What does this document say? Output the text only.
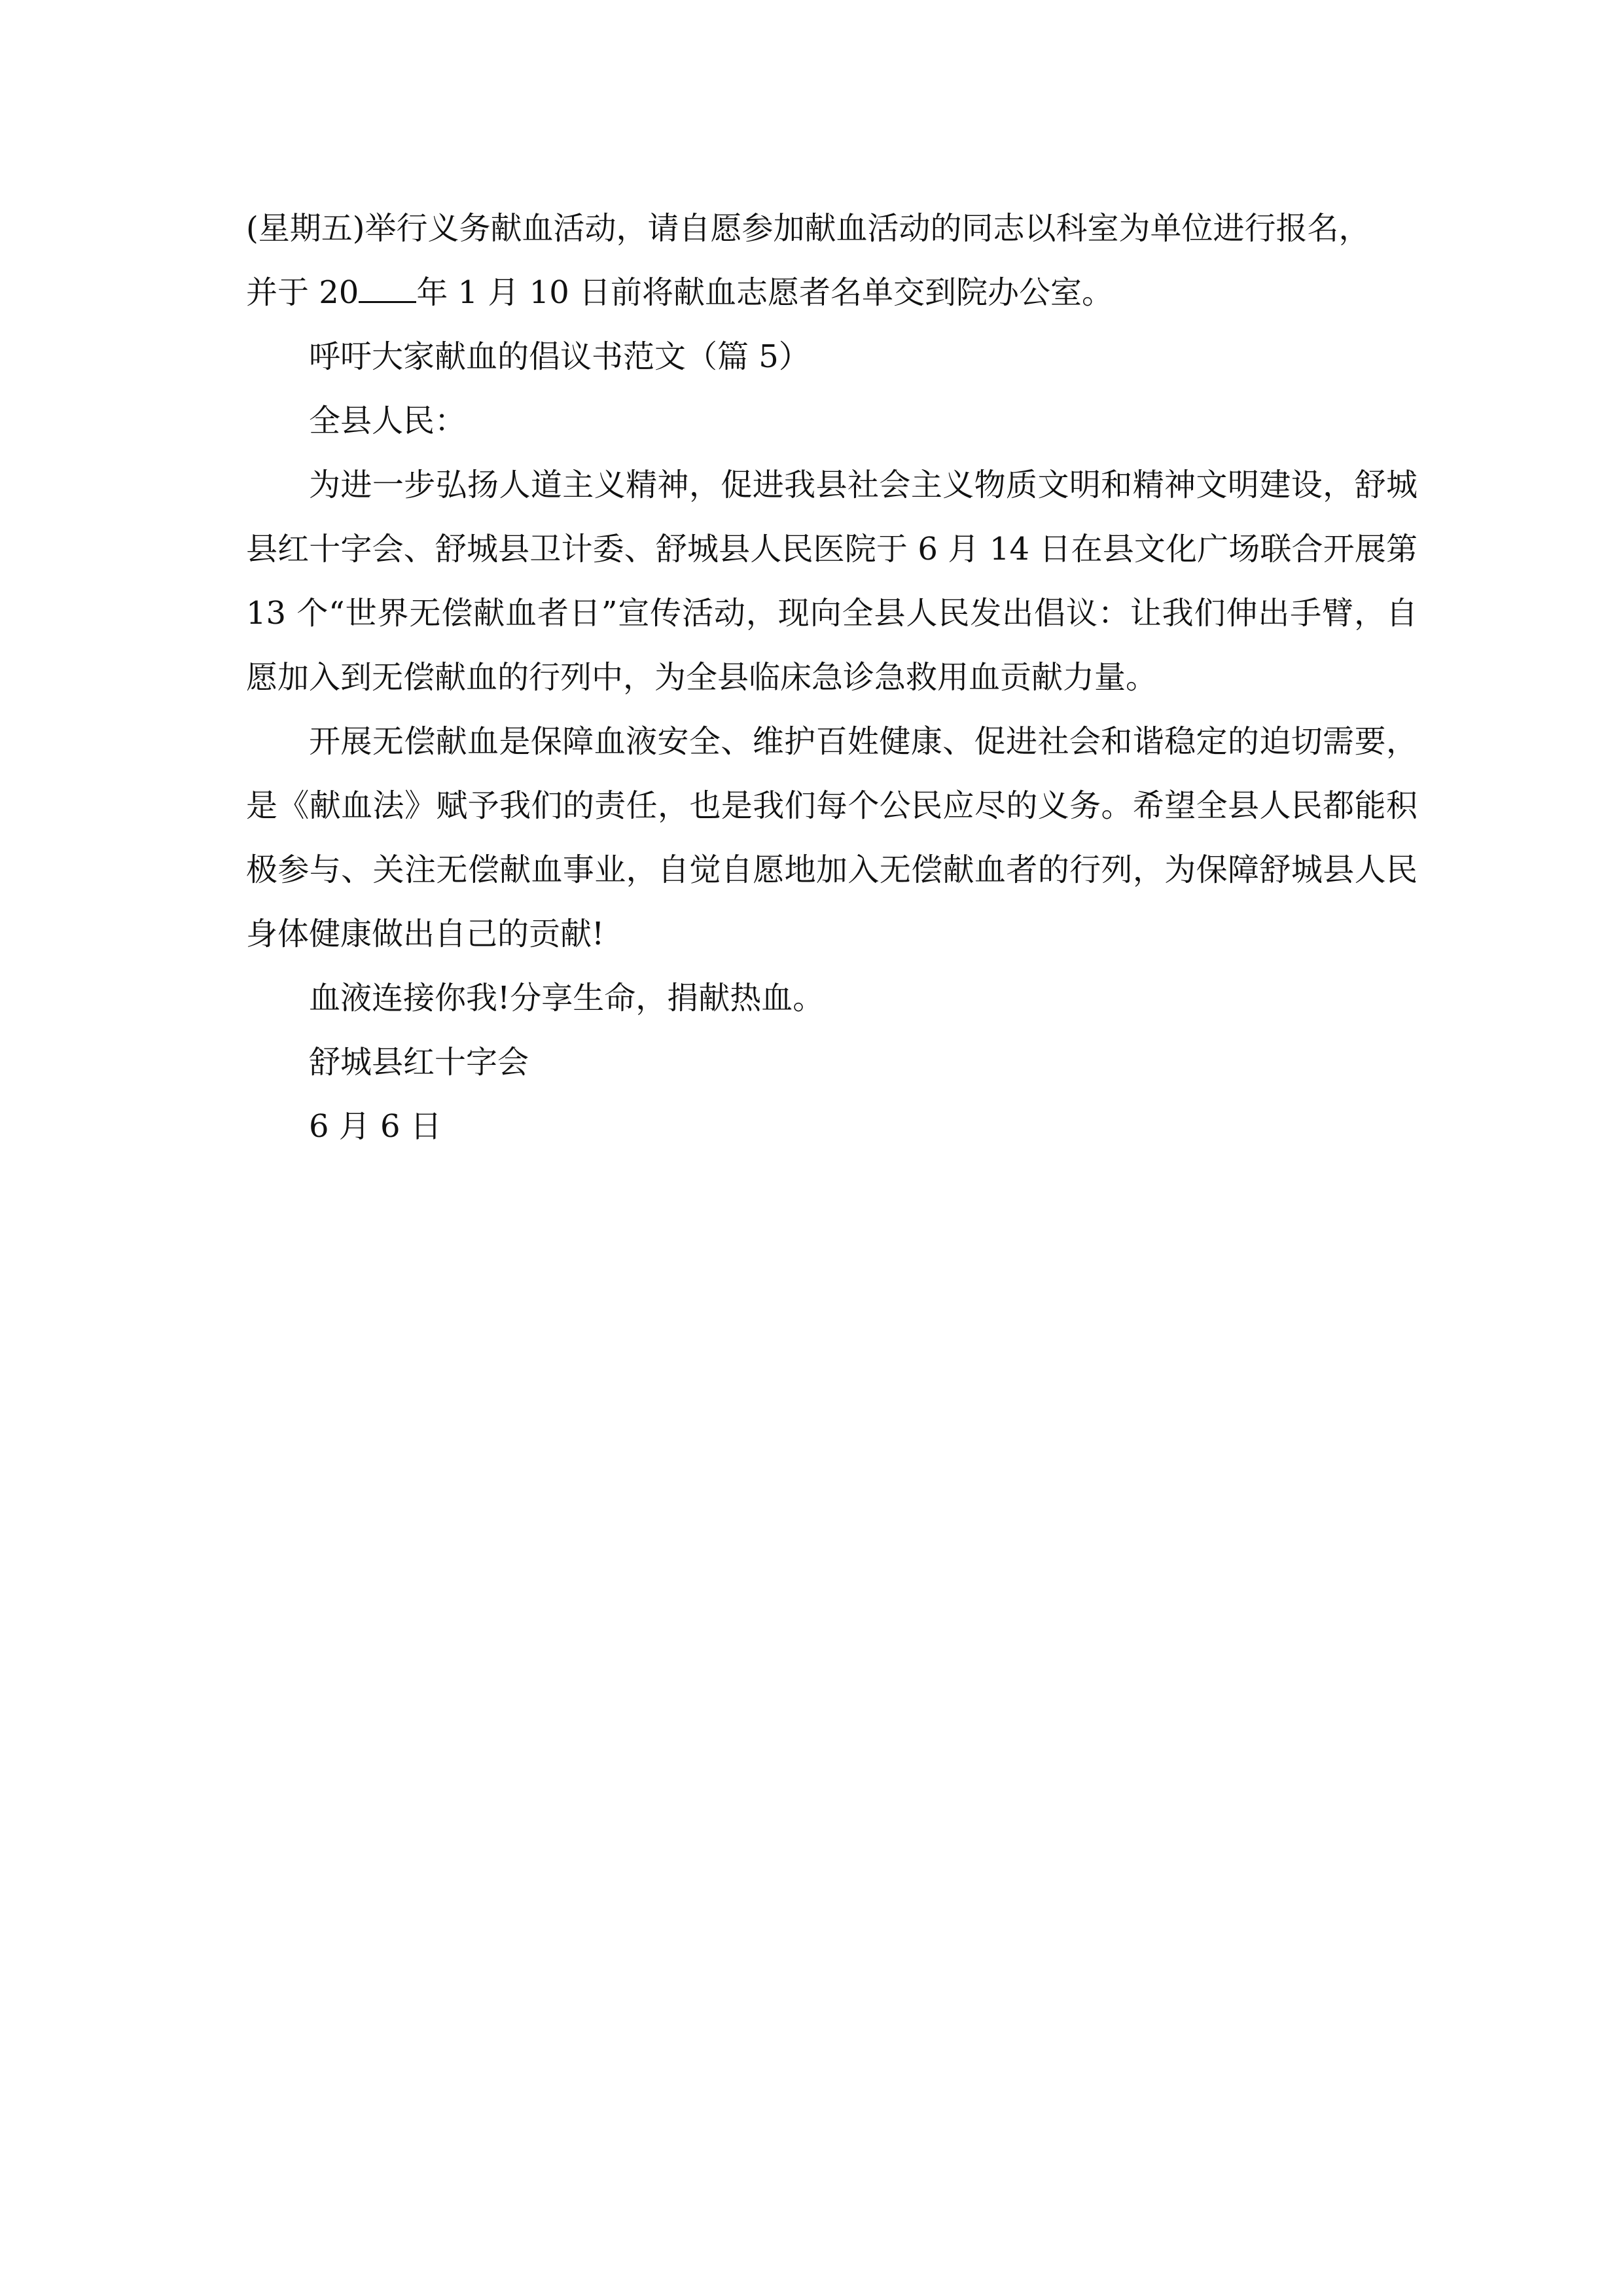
(星期五)举行义务献血活动，请自愿参加献血活动的同志以科室为单位进行报名，
并于 20 年 1 月 10 日前将献血志愿者名单交到院办公室。

呼吁大家献血的倡议书范文（篇 5）

全县人民：

为进一步弘扬人道主义精神，促进我县社会主义物质文明和精神文明建设，舒城县红十字会、舒城县卫计委、舒城县人民医院于 6 月 14 日在县文化广场联合开展第 13 个“世界无偿献血者日”宣传活动，现向全县人民发出倡议：让我们伸出手臂，自愿加入到无偿献血的行列中，为全县临床急诊急救用血贡献力量。

开展无偿献血是保障血液安全、维护百姓健康、促进社会和谐稳定的迫切需要，是《献血法》赋予我们的责任，也是我们每个公民应尽的义务。希望全县人民都能积极参与、关注无偿献血事业，自觉自愿地加入无偿献血者的行列，为保障舒城县人民身体健康做出自己的贡献!

血液连接你我!分享生命，捐献热血。

舒城县红十字会

6 月 6 日
